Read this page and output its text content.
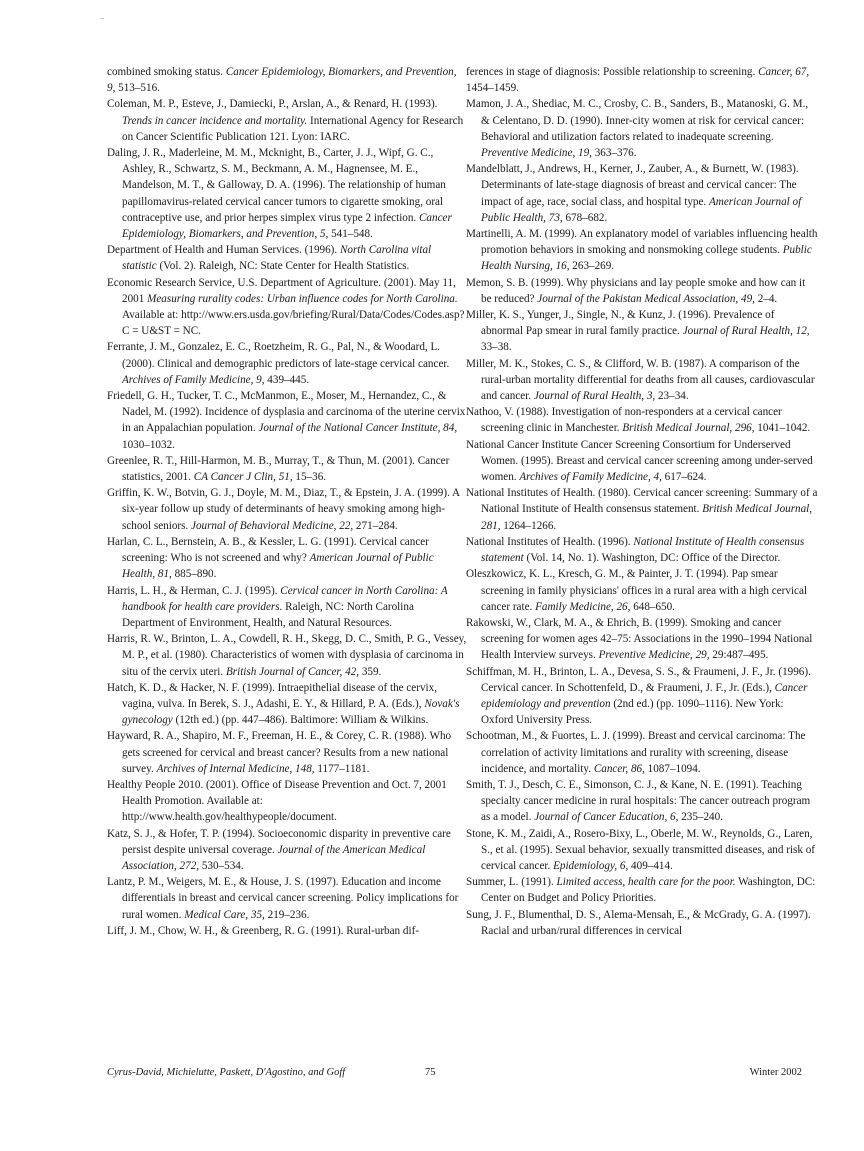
combined smoking status. Cancer Epidemiology, Biomarkers, and Prevention, 9, 513–516.

Coleman, M. P., Esteve, J., Damiecki, P., Arslan, A., & Renard, H. (1993). Trends in cancer incidence and mortality. International Agency for Research on Cancer Scientific Publication 121. Lyon: IARC.

Daling, J. R., Maderleine, M. M., Mcknight, B., Carter, J. J., Wipf, G. C., Ashley, R., Schwartz, S. M., Beckmann, A. M., Hagnensee, M. E., Mandelson, M. T., & Galloway, D. A. (1996). The relationship of human papillomavirus-related cervical cancer tumors to cigarette smoking, oral contraceptive use, and prior herpes simplex virus type 2 infection. Cancer Epidemiology, Biomarkers, and Prevention, 5, 541–548.

Department of Health and Human Services. (1996). North Carolina vital statistic (Vol. 2). Raleigh, NC: State Center for Health Statistics.

Economic Research Service, U.S. Department of Agriculture. (2001). May 11, 2001 Measuring rurality codes: Urban influence codes for North Carolina. Available at: http://www.ers.usda.gov/briefing/Rural/Data/Codes/Codes.asp?C = U&ST = NC.

Ferrante, J. M., Gonzalez, E. C., Roetzheim, R. G., Pal, N., & Woodard, L. (2000). Clinical and demographic predictors of late-stage cervical cancer. Archives of Family Medicine, 9, 439–445.

Friedell, G. H., Tucker, T. C., McManmon, E., Moser, M., Hernandez, C., & Nadel, M. (1992). Incidence of dysplasia and carcinoma of the uterine cervix in an Appalachian population. Journal of the National Cancer Institute, 84, 1030–1032.

Greenlee, R. T., Hill-Harmon, M. B., Murray, T., & Thun, M. (2001). Cancer statistics, 2001. CA Cancer J Clin, 51, 15–36.

Griffin, K. W., Botvin, G. J., Doyle, M. M., Diaz, T., & Epstein, J. A. (1999). A six-year follow up study of determinants of heavy smoking among high-school seniors. Journal of Behavioral Medicine, 22, 271–284.

Harlan, C. L., Bernstein, A. B., & Kessler, L. G. (1991). Cervical cancer screening: Who is not screened and why? American Journal of Public Health, 81, 885–890.

Harris, L. H., & Herman, C. J. (1995). Cervical cancer in North Carolina: A handbook for health care providers. Raleigh, NC: North Carolina Department of Environment, Health, and Natural Resources.

Harris, R. W., Brinton, L. A., Cowdell, R. H., Skegg, D. C., Smith, P. G., Vessey, M. P., et al. (1980). Characteristics of women with dysplasia of carcinoma in situ of the cervix uteri. British Journal of Cancer, 42, 359.

Hatch, K. D., & Hacker, N. F. (1999). Intraepithelial disease of the cervix, vagina, vulva. In Berek, S. J., Adashi, E. Y., & Hillard, P. A. (Eds.), Novak's gynecology (12th ed.) (pp. 447–486). Baltimore: William & Wilkins.

Hayward, R. A., Shapiro, M. F., Freeman, H. E., & Corey, C. R. (1988). Who gets screened for cervical and breast cancer? Results from a new national survey. Archives of Internal Medicine, 148, 1177–1181.

Healthy People 2010. (2001). Office of Disease Prevention and Oct. 7, 2001 Health Promotion. Available at: http://www.health.gov/healthypeople/document.

Katz, S. J., & Hofer, T. P. (1994). Socioeconomic disparity in preventive care persist despite universal coverage. Journal of the American Medical Association, 272, 530–534.

Lantz, P. M., Weigers, M. E., & House, J. S. (1997). Education and income differentials in breast and cervical cancer screening. Policy implications for rural women. Medical Care, 35, 219–236.

Liff, J. M., Chow, W. H., & Greenberg, R. G. (1991). Rural-urban dif-

ferences in stage of diagnosis: Possible relationship to screening. Cancer, 67, 1454–1459.

Mamon, J. A., Shediac, M. C., Crosby, C. B., Sanders, B., Matanoski, G. M., & Celentano, D. D. (1990). Inner-city women at risk for cervical cancer: Behavioral and utilization factors related to inadequate screening. Preventive Medicine, 19, 363–376.

Mandelblatt, J., Andrews, H., Kerner, J., Zauber, A., & Burnett, W. (1983). Determinants of late-stage diagnosis of breast and cervical cancer: The impact of age, race, social class, and hospital type. American Journal of Public Health, 73, 678–682.

Martinelli, A. M. (1999). An explanatory model of variables influencing health promotion behaviors in smoking and nonsmoking college students. Public Health Nursing, 16, 263–269.

Memon, S. B. (1999). Why physicians and lay people smoke and how can it be reduced? Journal of the Pakistan Medical Association, 49, 2–4.

Miller, K. S., Yunger, J., Single, N., & Kunz, J. (1996). Prevalence of abnormal Pap smear in rural family practice. Journal of Rural Health, 12, 33–38.

Miller, M. K., Stokes, C. S., & Clifford, W. B. (1987). A comparison of the rural-urban mortality differential for deaths from all causes, cardiovascular and cancer. Journal of Rural Health, 3, 23–34.

Nathoo, V. (1988). Investigation of non-responders at a cervical cancer screening clinic in Manchester. British Medical Journal, 296, 1041–1042.

National Cancer Institute Cancer Screening Consortium for Underserved Women. (1995). Breast and cervical cancer screening among under-served women. Archives of Family Medicine, 4, 617–624.

National Institutes of Health. (1980). Cervical cancer screening: Summary of a National Institute of Health consensus statement. British Medical Journal, 281, 1264–1266.

National Institutes of Health. (1996). National Institute of Health consensus statement (Vol. 14, No. 1). Washington, DC: Office of the Director.

Oleszkowicz, K. L., Kresch, G. M., & Painter, J. T. (1994). Pap smear screening in family physicians' offices in a rural area with a high cervical cancer rate. Family Medicine, 26, 648–650.

Rakowski, W., Clark, M. A., & Ehrich, B. (1999). Smoking and cancer screening for women ages 42–75: Associations in the 1990–1994 National Health Interview surveys. Preventive Medicine, 29, 29:487–495.

Schiffman, M. H., Brinton, L. A., Devesa, S. S., & Fraumeni, J. F., Jr. (1996). Cervical cancer. In Schottenfeld, D., & Fraumeni, J. F., Jr. (Eds.), Cancer epidemiology and prevention (2nd ed.) (pp. 1090–1116). New York: Oxford University Press.

Schootman, M., & Fuortes, L. J. (1999). Breast and cervical carcinoma: The correlation of activity limitations and rurality with screening, disease incidence, and mortality. Cancer, 86, 1087–1094.

Smith, T. J., Desch, C. E., Simonson, C. J., & Kane, N. E. (1991). Teaching specialty cancer medicine in rural hospitals: The cancer outreach program as a model. Journal of Cancer Education, 6, 235–240.

Stone, K. M., Zaidi, A., Rosero-Bixy, L., Oberle, M. W., Reynolds, G., Laren, S., et al. (1995). Sexual behavior, sexually transmitted diseases, and risk of cervical cancer. Epidemiology, 6, 409–414.

Summer, L. (1991). Limited access, health care for the poor. Washington, DC: Center on Budget and Policy Priorities.

Sung, J. F., Blumenthal, D. S., Alema-Mensah, E., & McGrady, G. A. (1997). Racial and urban/rural differences in cervical

Cyrus-David, Michielutte, Paskett, D'Agostino, and Goff	75	Winter 2002
